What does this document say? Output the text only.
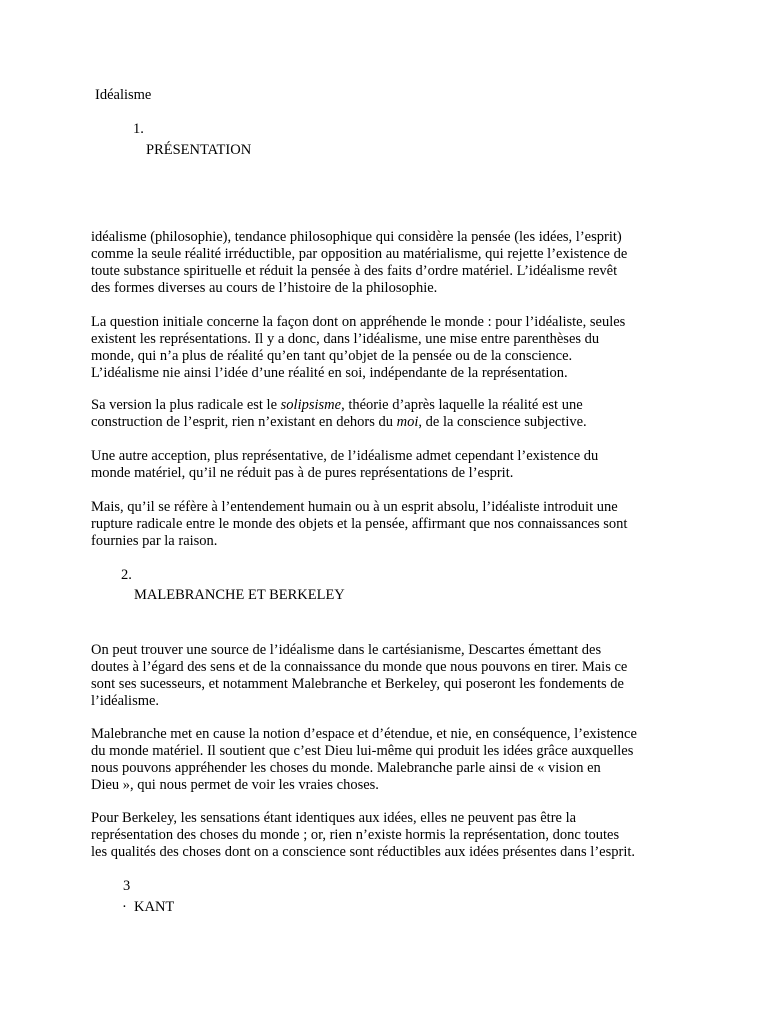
Idéalisme
1.
PRÉSENTATION
idéalisme (philosophie), tendance philosophique qui considère la pensée (les idées, l’esprit)
comme la seule réalité irréductible, par opposition au matérialisme, qui rejette l’existence de
toute substance spirituelle et réduit la pensée à des faits d’ordre matériel. L’idéalisme revêt
des formes diverses au cours de l’histoire de la philosophie.
La question initiale concerne la façon dont on appréhende le monde : pour l’idéaliste, seules
existent les représentations. Il y a donc, dans l’idéalisme, une mise entre parenthèses du
monde, qui n’a plus de réalité qu’en tant qu’objet de la pensée ou de la conscience.
L’idéalisme nie ainsi l’idée d’une réalité en soi, indépendante de la représentation.
Sa version la plus radicale est le solipsisme, théorie d’après laquelle la réalité est une
construction de l’esprit, rien n’existant en dehors du moi, de la conscience subjective.
Une autre acception, plus représentative, de l’idéalisme admet cependant l’existence du
monde matériel, qu’il ne réduit pas à de pures représentations de l’esprit.
Mais, qu’il se réfère à l’entendement humain ou à un esprit absolu, l’idéaliste introduit une
rupture radicale entre le monde des objets et la pensée, affirmant que nos connaissances sont
fournies par la raison.
2.
MALEBRANCHE ET BERKELEY
On peut trouver une source de l’idéalisme dans le cartésianisme, Descartes émettant des
doutes à l’égard des sens et de la connaissance du monde que nous pouvons en tirer. Mais ce
sont ses sucesseurs, et notamment Malebranche et Berkeley, qui poseront les fondements de
l’idéalisme.
Malebranche met en cause la notion d’espace et d’étendue, et nie, en conséquence, l’existence
du monde matériel. Il soutient que c’est Dieu lui-même qui produit les idées grâce auxquelles
nous pouvons appréhender les choses du monde. Malebranche parle ainsi de « vision en
Dieu », qui nous permet de voir les vraies choses.
Pour Berkeley, les sensations étant identiques aux idées, elles ne peuvent pas être la
représentation des choses du monde ; or, rien n’existe hormis la représentation, donc toutes
les qualités des choses dont on a conscience sont réductibles aux idées présentes dans l’esprit.
3
· KANT
